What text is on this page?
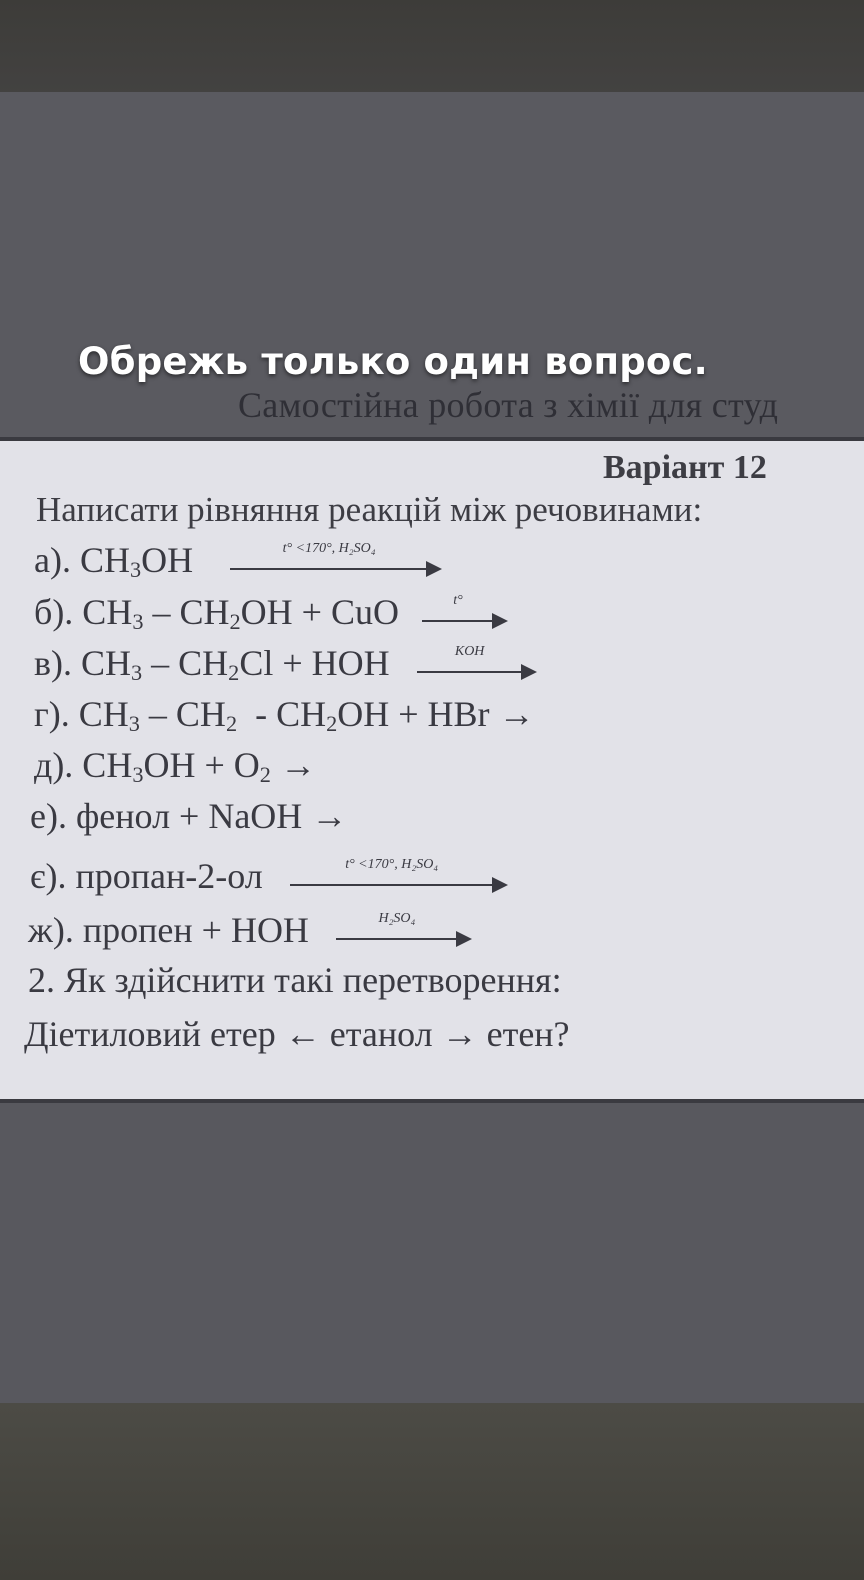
Самостійна робота з хімії для студ
Обрежь только один вопрос.
Варіант 12
Написати рівняння реакцій між речовинами:
а). $CH_3OH$	t° <170°, H₂SO₄
б). $CH_3 - CH_2OH$ + CuO	t°
в). $CH_3 - CH_2Cl$ + HOH	KOH
г). $CH_3 - CH_2 - CH_2OH$ + HBr →
д). $CH_3OH + O_2$ →
е). фенол + NaOH →
є). пропан-2-ол	t° <170°, H₂SO₄
ж). пропен + HOH	H₂SO₄
2. Як здійснити такі перетворення:
Діетиловий етер ← етанол → етен?
